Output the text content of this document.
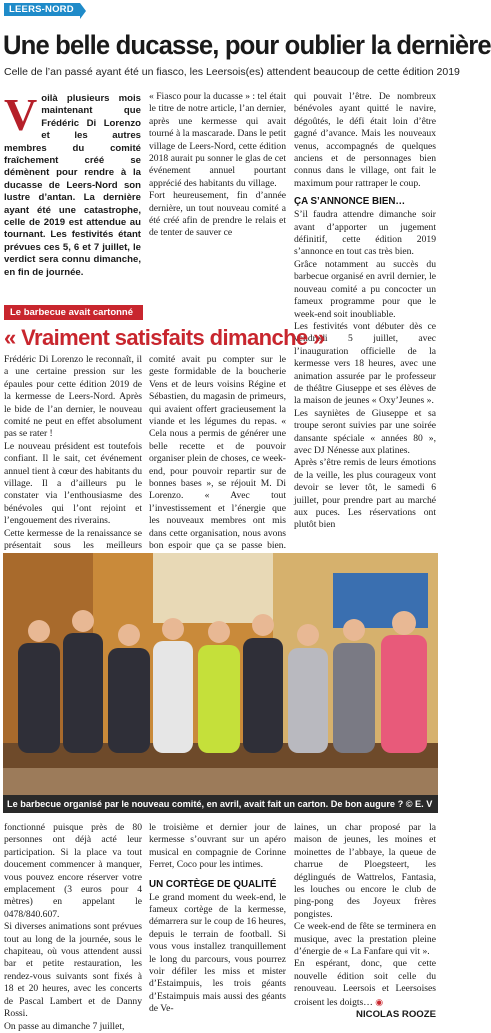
LEERS-NORD
Une belle ducasse, pour oublier la dernière
Celle de l’an passé ayant été un fiasco, les Leersois(es) attendent beaucoup de cette édition 2019
V oilà plusieurs mois maintenant que Frédéric Di Lorenzo et les autres membres du comité fraîchement créé se démènent pour rendre à la ducasse de Leers-Nord son lustre d’antan. La dernière ayant été une catastrophe, celle de 2019 est attendue au tournant. Les festivités étant prévues ces 5, 6 et 7 juillet, le verdict sera connu dimanche, en fin de journée.
« Fiasco pour la ducasse » : tel était le titre de notre article, l’an dernier, après une kermesse qui avait tourné à la mascarade. Dans le petit village de Leers-Nord, cette édition 2018 aurait pu sonner le glas de cet événement annuel pourtant apprécié des habitants du village.
Fort heureusement, fin d’année dernière, un tout nouveau comité a été créé afin de prendre le relais et de tenter de sauver ce

qui pouvait l’être. De nombreux bénévoles ayant quitté le navire, dégoûtés, le défi était loin d’être gagné d’avance. Mais les nouveaux venus, accompagnés de quelques anciens et de personnages bien connus dans le village, ont fait le maximum pour rattraper le coup.

ÇA S’ANNONCE BIEN…

S’il faudra attendre dimanche soir avant d’apporter un jugement définitif, cette édition 2019 s’annonce en tout cas très bien.
Grâce notamment au succès du barbecue organisé en avril dernier, le nouveau comité a pu concocter un fameux programme pour que le week-end soit inoubliable.
Les festivités vont débuter dès ce vendredi 5 juillet, avec l’inauguration officielle de la kermesse vers 18 heures, avec une animation assurée par le professeur de théâtre Giuseppe et ses élèves de la maison de jeunes « Oxy’Jeunes ».
Les sayniètes de Giuseppe et sa troupe seront suivies par une soirée dansante spéciale « années 80 », avec DJ Nénesse aux platines.
Après s’être remis de leurs émotions de la veille, les plus courageux vont devoir se lever tôt, le samedi 6 juillet, pour prendre part au marché aux puces. Les réservations ont plutôt bien

Le barbecue avait cartonné
« Vraiment satisfaits dimanche »
Frédéric Di Lorenzo le reconnaît, il a une certaine pression sur les épaules pour cette édition 2019 de la kermesse de Leers-Nord. Après le bide de l’an dernier, le nouveau comité ne peut en effet absolument pas se rater !
Le nouveau président est toutefois confiant. Il le sait, cet événement annuel tient à cœur des habitants du village. Il a d’ailleurs pu le constater via l’enthousiasme des bénévoles qui l’ont rejoint et l’engouement des riverains.
Cette kermesse de la renaissance se présentait sous les meilleurs
comité avait pu compter sur le geste formidable de la boucherie Vens et de leurs voisins Régine et Sébastien, du magasin de primeurs, qui avaient offert gracieusement la viande et les légumes du repas. « Cela nous a permis de générer une belle recette et de pouvoir organiser plein de choses, ce week-end, pour pouvoir repartir sur de bonnes bases », se réjouit M. Di Lorenzo. « Avec tout l’investissement et l’énergie que les nouveaux membres ont mis dans cette organisation, nous avons bon espoir que ça se passe bien.
Le barbecue organisé par le nouveau comité, en avril, avait fait un carton. De bon augure ? © E. V
fonctionné puisque près de 80 personnes ont déjà acté leur participation. Si la place va tout doucement commencer à manquer, vous pouvez encore réserver votre emplacement (3 euros pour 4 mètres) en appelant le 0478/840.607.
Si diverses animations sont prévues tout au long de la journée, sous le chapiteau, où vous attendent aussi bar et petite restauration, les rendez-vous suivants sont fixés à 18 et 20 heures, avec les concerts de Pascal Lambert et de Danny Rossi.
On passe au dimanche 7 juillet,

le troisième et dernier jour de kermesse s’ouvrant sur un apéro musical en compagnie de Corinne Ferret, Coco pour les intimes.

UN CORTÈGE DE QUALITÉ

Le grand moment du week-end, le fameux cortège de la kermesse, démarrera sur le coup de 16 heures, depuis le terrain de football. Si vous vous installez tranquillement le long du parcours, vous pourrez voir défiler les miss et mister d’Estaimpuis, les trois géants d’Estaimpuis mais aussi des géants de Ve-

laines, un char proposé par la maison de jeunes, les moines et moinettes de l’abbaye, la queue de charrue de Ploegsteert, les déglingués de Wattrelos, Fantasia, les louches ou encore le club de ping-pong des Joyeux frères pongistes.
Ce week-end de fête se terminera en musique, avec la prestation pleine d’énergie de « La Fanfare qui vit ».
En espérant, donc, que cette nouvelle édition soit celle du renouveau. Leersois et Leersoises croisent les doigts… ◉
NICOLAS ROOZE
